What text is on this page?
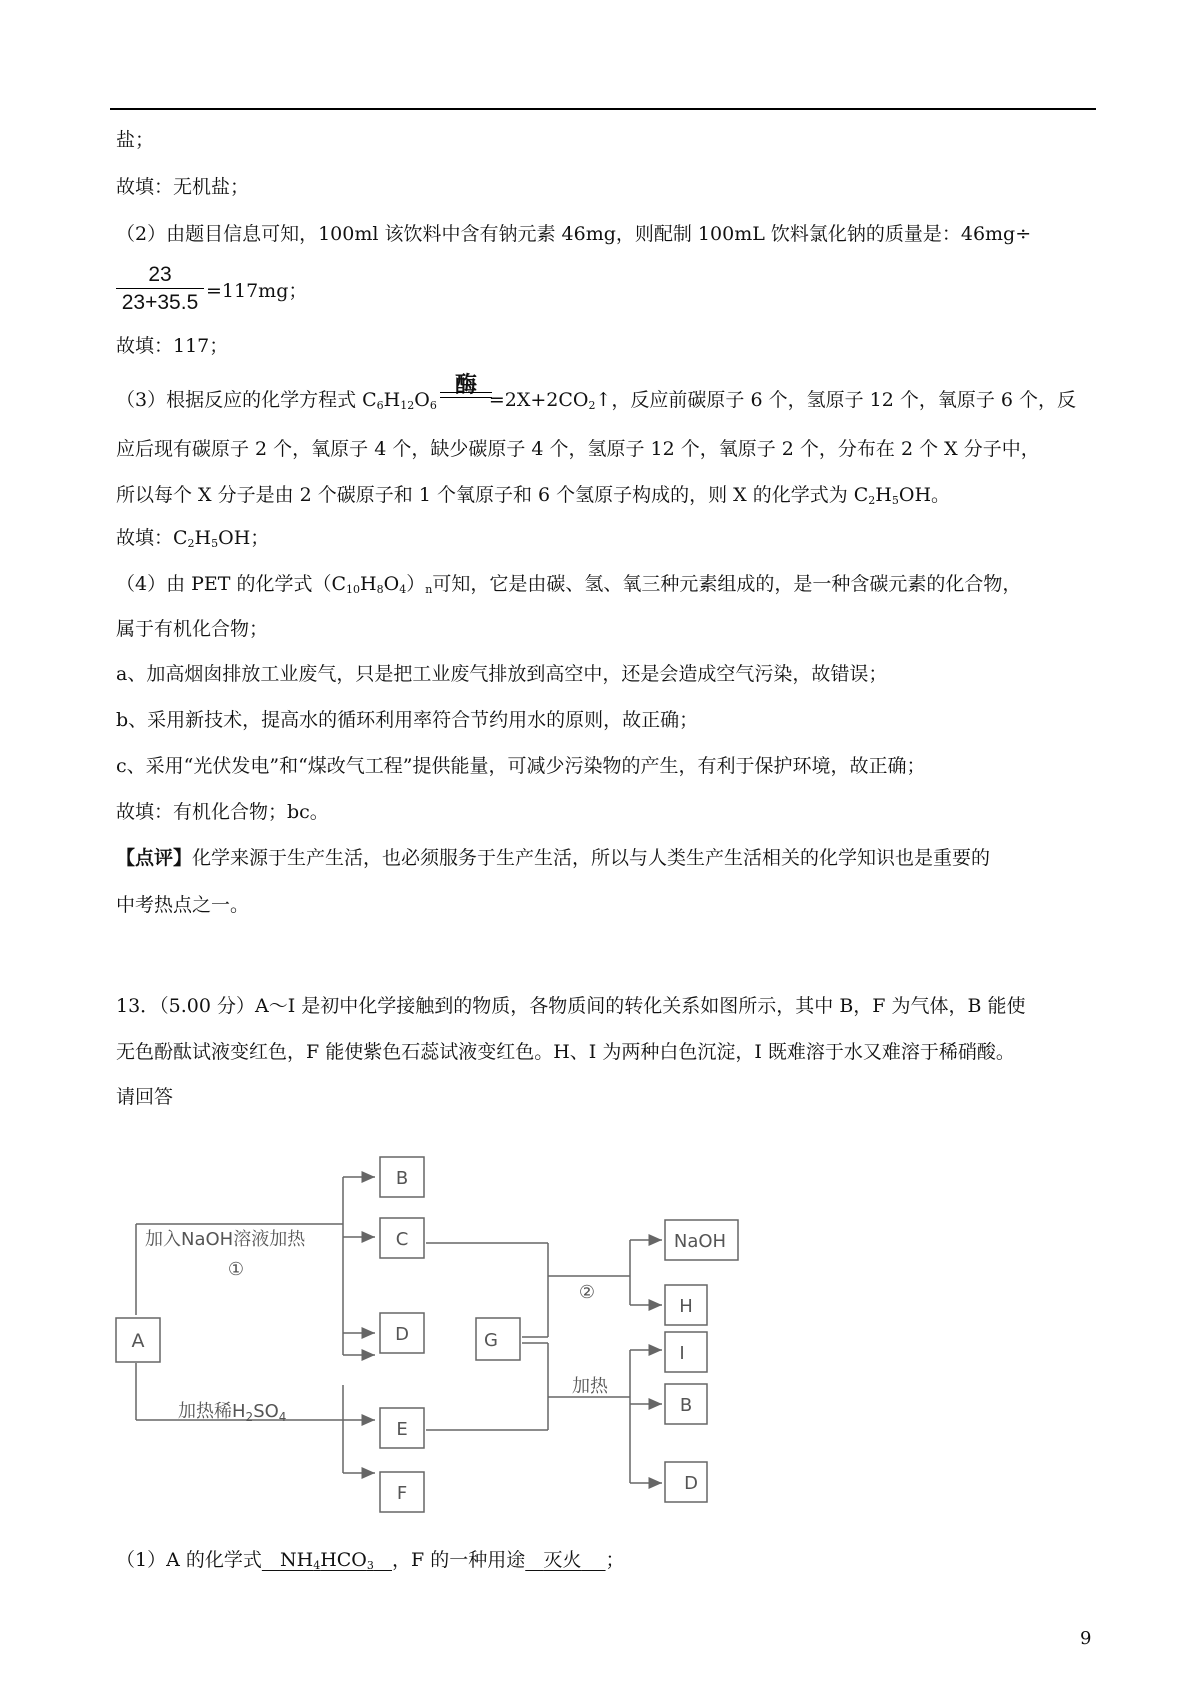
盐；
故填：无机盐；
（2）由题目信息可知，100ml 该饮料中含有钠元素 46mg，则配制 100mL 饮料氯化钠的质量是：46mg÷
$\frac{23}{23+35.5} =117mg$；
故填：117；
酶
（3）根据反应的化学方程式 $C_6H_{12}O_6$	$=2X+2CO_2↑$，反应前碳原子 6 个，氢原子 12 个，氧原子 6 个，反
应后现有碳原子 2 个，氧原子 4 个，缺少碳原子 4 个，氢原子 12 个，氧原子 2 个，分布在 2 个 X 分子中，
所以每个 X 分子是由 2 个碳原子和 1 个氧原子和 6 个氢原子构成的，则 X 的化学式为 $C_2H_5OH$。
故填：$C_2H_5OH$；
（4）由 PET 的化学式$(C_{10}H_8O_4)_n$可知，它是由碳、氢、氧三种元素组成的，是一种含碳元素的化合物，
属于有机化合物；
a、加高烟囱排放工业废气，只是把工业废气排放到高空中，还是会造成空气污染，故错误；
b、采用新技术，提高水的循环利用率符合节约用水的原则，故正确；
c、采用“光伏发电”和“煤改气工程”提供能量，可减少污染物的产生，有利于保护环境，故正确；
故填：有机化合物；bc。
【点评】化学来源于生产生活，也必须服务于生产生活，所以与人类生产生活相关的化学知识也是重要的
中考热点之一。
13．（5.00 分）A～I 是初中化学接触到的物质，各物质间的转化关系如图所示，其中 B，F 为气体，B 能使
无色酚酞试液变红色，F 能使紫色石蕊试液变红色。H、I 为两种白色沉淀，I 既难溶于水又难溶于稀硝酸。
请回答
A
B
C
D	G
E
F
NaOH
H
I
B
D
加入NaOH溶液加热
①
加热稀$H_2SO_4$
②
加热
（1）A 的化学式 $NH_4HCO_3$ ，F 的一种用途 灭火 ；
9
